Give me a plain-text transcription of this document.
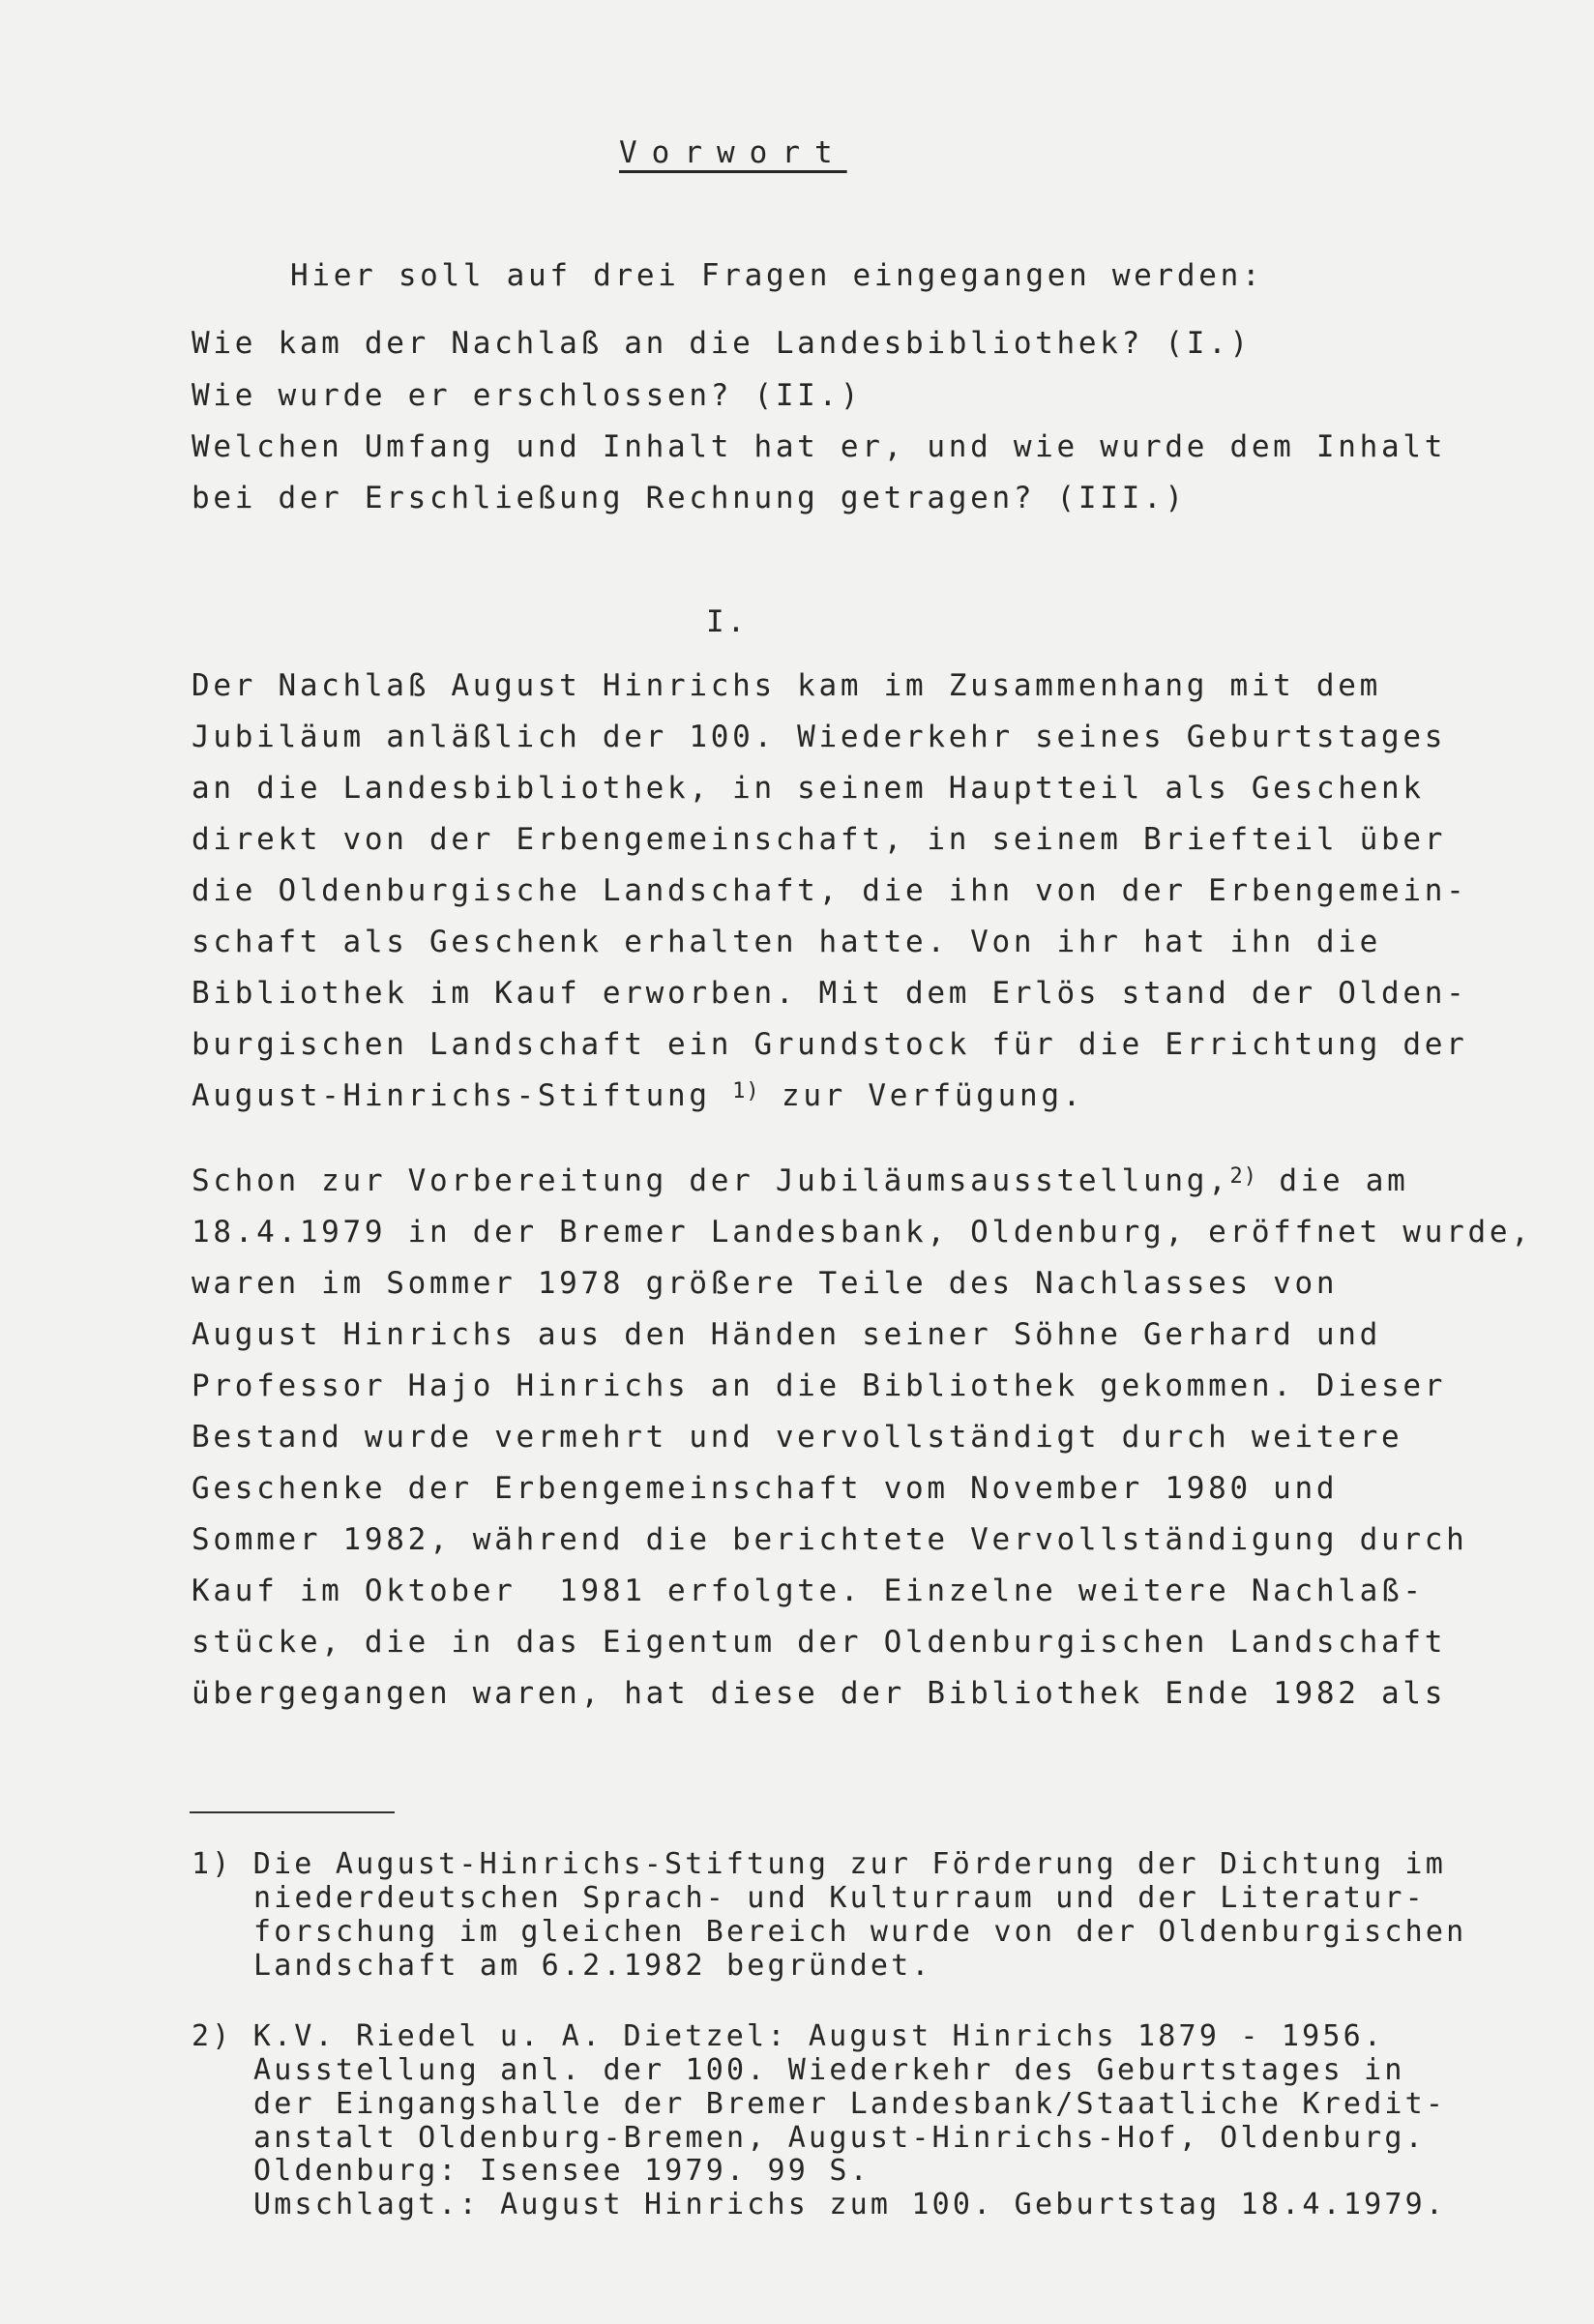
Vorwort
Hier soll auf drei Fragen eingegangen werden:
Wie kam der Nachlaß an die Landesbibliothek? (I.)
Wie wurde er erschlossen? (II.)
Welchen Umfang und Inhalt hat er, und wie wurde dem Inhalt
bei der Erschließung Rechnung getragen? (III.)
I.
Der Nachlaß August Hinrichs kam im Zusammenhang mit dem
Jubiläum anläßlich der 100. Wiederkehr seines Geburtstages
an die Landesbibliothek, in seinem Hauptteil als Geschenk
direkt von der Erbengemeinschaft, in seinem Briefteil über
die Oldenburgische Landschaft, die ihn von der Erbengemein-
schaft als Geschenk erhalten hatte. Von ihr hat ihn die
Bibliothek im Kauf erworben. Mit dem Erlös stand der Olden-
burgischen Landschaft ein Grundstock für die Errichtung der
August-Hinrichs-Stiftung $^{1)}$ zur Verfügung.
Schon zur Vorbereitung der Jubiläumsausstellung,$^{2)}$ die am
18.4.1979 in der Bremer Landesbank, Oldenburg, eröffnet wurde,
waren im Sommer 1978 größere Teile des Nachlasses von
August Hinrichs aus den Händen seiner Söhne Gerhard und
Professor Hajo Hinrichs an die Bibliothek gekommen. Dieser
Bestand wurde vermehrt und vervollständigt durch weitere
Geschenke der Erbengemeinschaft vom November 1980 und
Sommer 1982, während die berichtete Vervollständigung durch
Kauf im Oktober  1981 erfolgte. Einzelne weitere Nachlaß-
stücke, die in das Eigentum der Oldenburgischen Landschaft
übergegangen waren, hat diese der Bibliothek Ende 1982 als
1) Die August-Hinrichs-Stiftung zur Förderung der Dichtung im
niederdeutschen Sprach- und Kulturraum und der Literatur-
forschung im gleichen Bereich wurde von der Oldenburgischen
Landschaft am 6.2.1982 begründet.
2) K.V. Riedel u. A. Dietzel: August Hinrichs 1879 - 1956.
Ausstellung anl. der 100. Wiederkehr des Geburtstages in
der Eingangshalle der Bremer Landesbank/Staatliche Kredit-
anstalt Oldenburg-Bremen, August-Hinrichs-Hof, Oldenburg.
Oldenburg: Isensee 1979. 99 S.
Umschlagt.: August Hinrichs zum 100. Geburtstag 18.4.1979.
